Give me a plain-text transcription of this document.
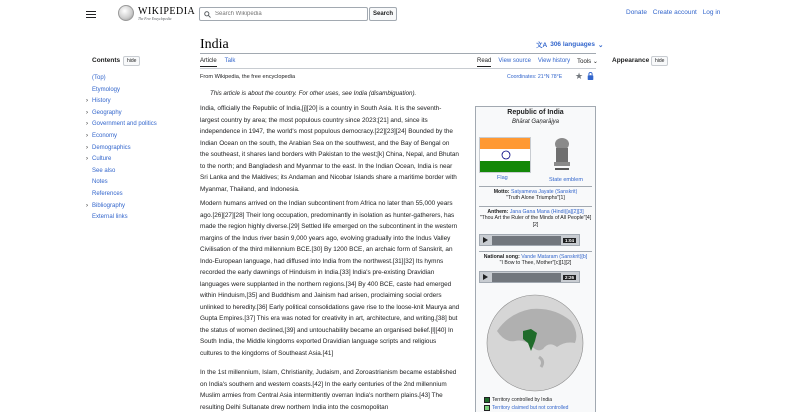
WIKIPEDIA
The Free Encyclopedia
Search Wikipedia
Search	Donate Create account Log in
Contents	hide
(Top)
Etymology
› History
› Geography
› Government and politics
› Economy
› Demographics
› Culture
See also
Notes
References
› Bibliography
External links
India	文A 306 languages ⌄
Article Talk	Read View source View history Tools ⌄
From Wikipedia, the free encyclopedia	Coordinates: 21°N 78°E ★
Appearance	hide
This article is about the country. For other uses, see India (disambiguation).
India, officially the Republic of India,[j][20] is a country in South Asia. It is the seventh-largest country by area; the most populous country since 2023;[21] and, since its independence in 1947, the world's most populous democracy.[22][23][24] Bounded by the Indian Ocean on the south, the Arabian Sea on the southwest, and the Bay of Bengal on the southeast, it shares land borders with Pakistan to the west;[k] China, Nepal, and Bhutan to the north; and Bangladesh and Myanmar to the east. In the Indian Ocean, India is near Sri Lanka and the Maldives; its Andaman and Nicobar Islands share a maritime border with Myanmar, Thailand, and Indonesia.
Modern humans arrived on the Indian subcontinent from Africa no later than 55,000 years ago.[26][27][28] Their long occupation, predominantly in isolation as hunter-gatherers, has made the region highly diverse.[29] Settled life emerged on the subcontinent in the western margins of the Indus river basin 9,000 years ago, evolving gradually into the Indus Valley Civilisation of the third millennium BCE.[30] By 1200 BCE, an archaic form of Sanskrit, an Indo-European language, had diffused into India from the northwest.[31][32] Its hymns recorded the early dawnings of Hinduism in India.[33] India's pre-existing Dravidian languages were supplanted in the northern regions.[34] By 400 BCE, caste had emerged within Hinduism,[35] and Buddhism and Jainism had arisen, proclaiming social orders unlinked to heredity.[36] Early political consolidations gave rise to the loose-knit Maurya and Gupta Empires.[37] This era was noted for creativity in art, architecture, and writing,[38] but the status of women declined,[39] and untouchability became an organised belief.[l][40] In South India, the Middle kingdoms exported Dravidian language scripts and religious cultures to the kingdoms of Southeast Asia.[41]
In the 1st millennium, Islam, Christianity, Judaism, and Zoroastrianism became established on India's southern and western coasts.[42] In the early centuries of the 2nd millennium Muslim armies from Central Asia intermittently overran India's northern plains.[43] The resulting Delhi Sultanate drew northern India into the cosmopolitan
Republic of India
Bhārat Gaṇarājya
Flag	State emblem
Motto: Satyameva Jayate (Sanskrit)
"Truth Alone Triumphs"[1]
Anthem: Jana Gana Mana (Hindi)[a][2][3]
"Thou Art the Ruler of the Minds of All People"[4][2]
1:04
National song: Vande Mataram (Sanskrit)[b]
"I Bow to Thee, Mother"[c][1][2]
2:26
Territory controlled by India
Territory claimed but not controlled
